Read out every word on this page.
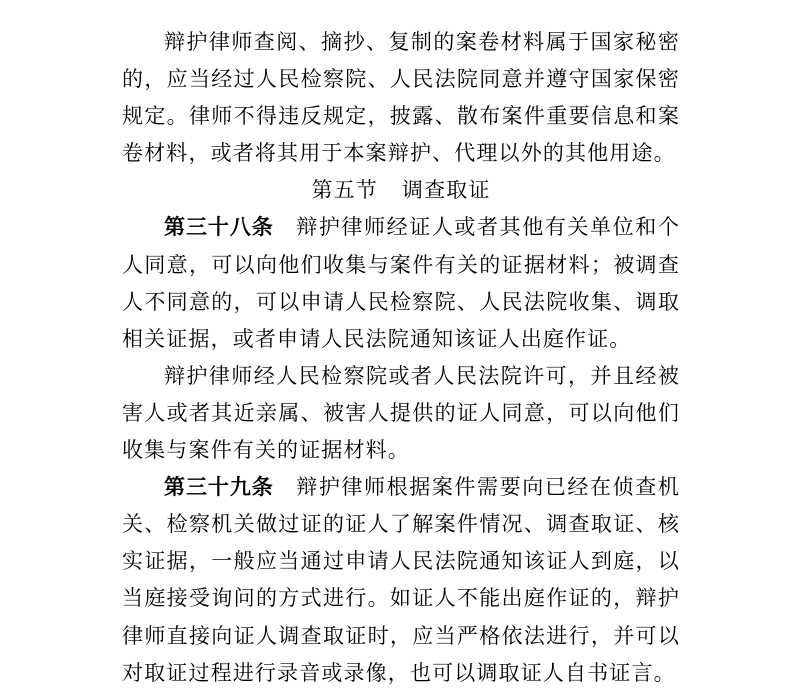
辩护律师查阅、摘抄、复制的案卷材料属于国家秘密的，应当经过人民检察院、人民法院同意并遵守国家保密规定。律师不得违反规定，披露、散布案件重要信息和案卷材料，或者将其用于本案辩护、代理以外的其他用途。

第五节 调查取证

第三十八条 辩护律师经证人或者其他有关单位和个人同意，可以向他们收集与案件有关的证据材料；被调查人不同意的，可以申请人民检察院、人民法院收集、调取相关证据，或者申请人民法院通知该证人出庭作证。

辩护律师经人民检察院或者人民法院许可，并且经被害人或者其近亲属、被害人提供的证人同意，可以向他们收集与案件有关的证据材料。

第三十九条 辩护律师根据案件需要向已经在侦查机关、检察机关做过证的证人了解案件情况、调查取证、核实证据，一般应当通过申请人民法院通知该证人到庭，以当庭接受询问的方式进行。如证人不能出庭作证的，辩护律师直接向证人调查取证时，应当严格依法进行，并可以对取证过程进行录音或录像，也可以调取证人自书证言。
